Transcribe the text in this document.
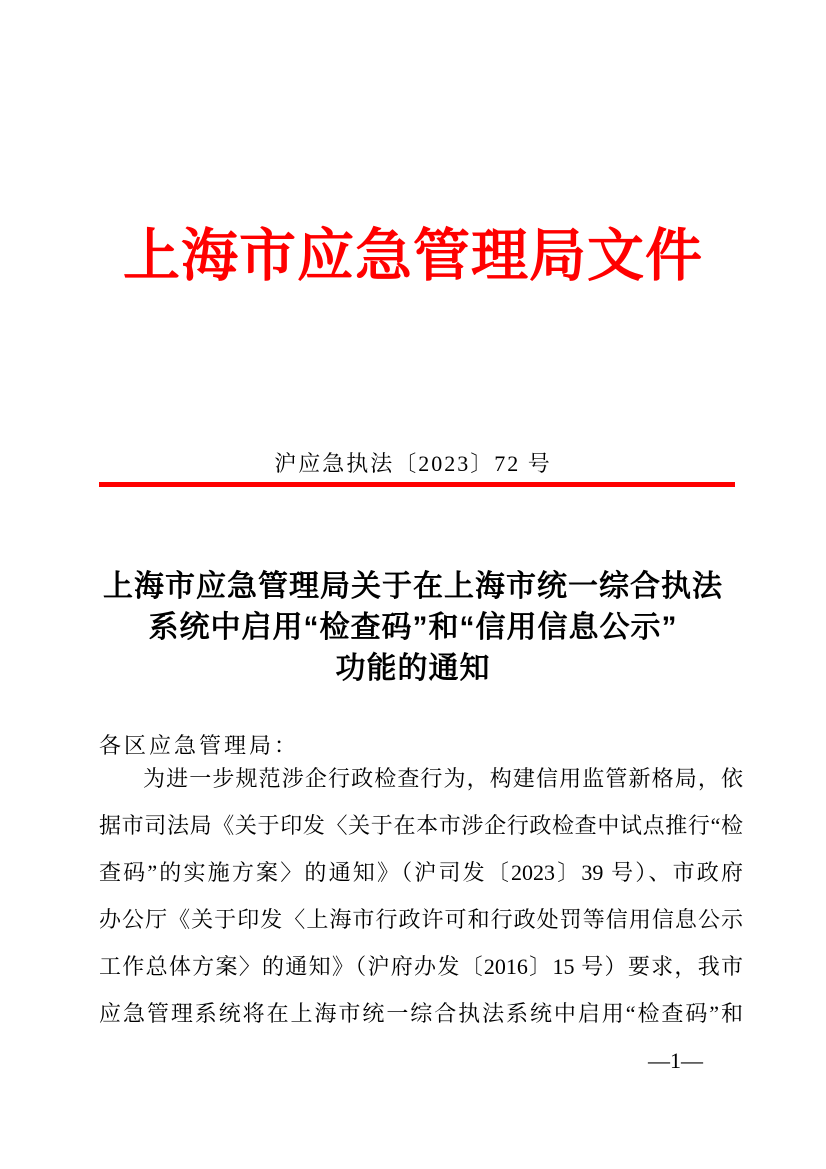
上海市应急管理局文件
沪应急执法〔2023〕72 号
上海市应急管理局关于在上海市统一综合执法
系统中启用“检查码”和“信用信息公示”
功能的通知
各区应急管理局：
为进一步规范涉企行政检查行为，构建信用监管新格局，依
据市司法局《关于印发〈关于在本市涉企行政检查中试点推行“检
查码”的实施方案〉的通知》（沪司发〔2023〕39 号）、市政府
办公厅《关于印发〈上海市行政许可和行政处罚等信用信息公示
工作总体方案〉的通知》（沪府办发〔2016〕15 号）要求，我市
应急管理系统将在上海市统一综合执法系统中启用“检查码”和
—1—
